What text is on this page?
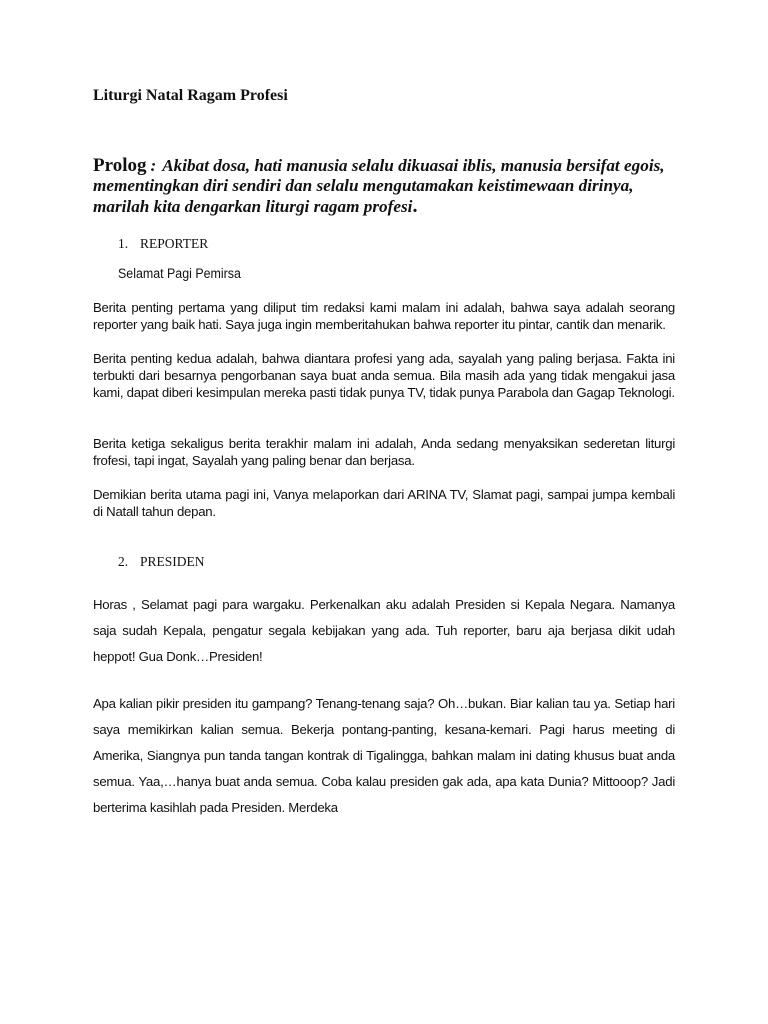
Liturgi Natal Ragam Profesi

Prolog : Akibat dosa, hati manusia selalu dikuasai iblis, manusia bersifat egois, mementingkan diri sendiri dan selalu mengutamakan keistimewaan dirinya, marilah kita dengarkan liturgi ragam profesi.

1. REPORTER

Selamat Pagi Pemirsa

Berita penting pertama yang diliput tim redaksi kami malam ini adalah, bahwa saya adalah seorang reporter yang baik hati. Saya juga ingin memberitahukan bahwa reporter itu pintar, cantik dan menarik.

Berita penting kedua adalah, bahwa diantara profesi yang ada, sayalah yang paling berjasa. Fakta ini terbukti dari besarnya pengorbanan saya buat anda semua. Bila masih ada yang tidak mengakui jasa kami, dapat diberi kesimpulan mereka pasti tidak punya TV, tidak punya Parabola dan Gagap Teknologi.

Berita ketiga sekaligus berita terakhir malam ini adalah, Anda sedang menyaksikan sederetan liturgi frofesi, tapi ingat, Sayalah yang paling benar dan berjasa.

Demikian berita utama pagi ini, Vanya melaporkan dari ARINA TV, Slamat pagi, sampai jumpa kembali di Natall tahun depan.

2. PRESIDEN

Horas , Selamat pagi para wargaku. Perkenalkan aku adalah Presiden si Kepala Negara. Namanya saja sudah Kepala, pengatur segala kebijakan yang ada. Tuh reporter, baru aja berjasa dikit udah heppot! Gua Donk…Presiden!

Apa kalian pikir presiden itu gampang? Tenang-tenang saja? Oh…bukan. Biar kalian tau ya. Setiap hari saya memikirkan kalian semua. Bekerja pontang-panting, kesana-kemari. Pagi harus meeting di Amerika, Siangnya pun tanda tangan kontrak di Tigalingga, bahkan malam ini dating khusus buat anda semua. Yaa,…hanya buat anda semua. Coba kalau presiden gak ada, apa kata Dunia? Mittooop? Jadi berterima kasihlah pada Presiden. Merdeka
